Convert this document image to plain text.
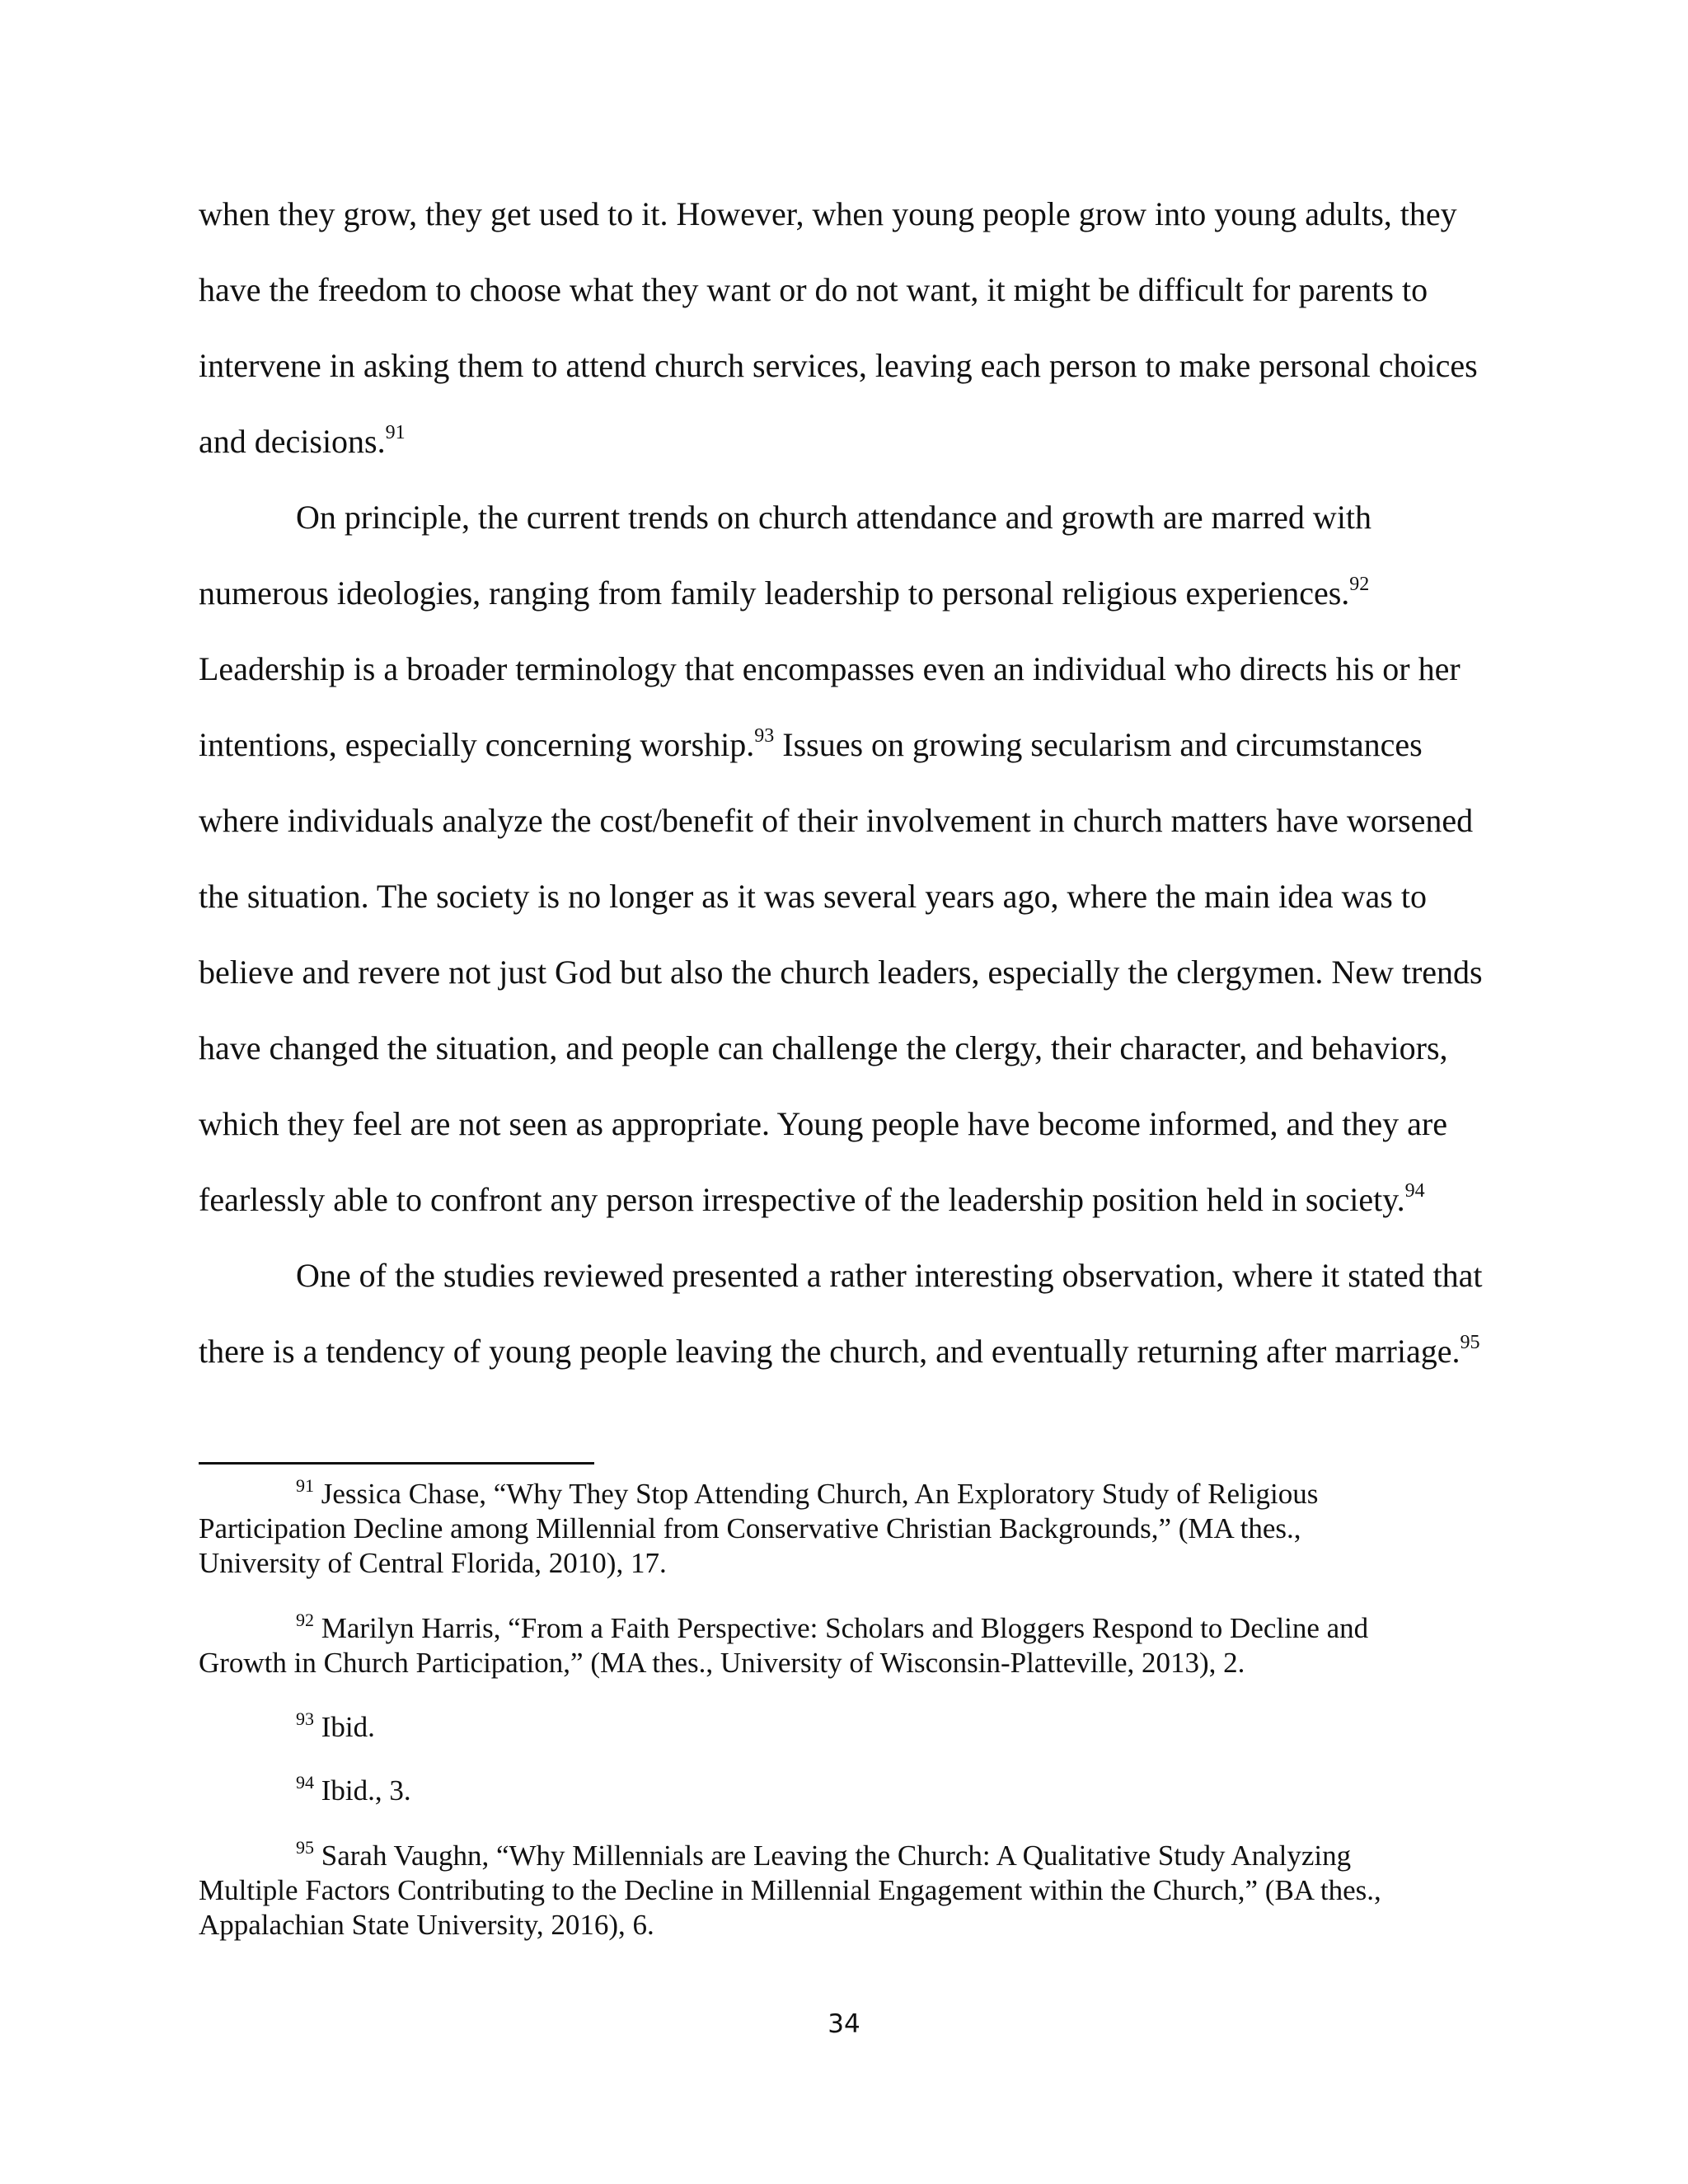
when they grow, they get used to it. However, when young people grow into young adults, they
have the freedom to choose what they want or do not want, it might be difficult for parents to
intervene in asking them to attend church services, leaving each person to make personal choices
and decisions.$^{91}$
On principle, the current trends on church attendance and growth are marred with
numerous ideologies, ranging from family leadership to personal religious experiences.$^{92}$
Leadership is a broader terminology that encompasses even an individual who directs his or her
intentions, especially concerning worship.$^{93}$ Issues on growing secularism and circumstances
where individuals analyze the cost/benefit of their involvement in church matters have worsened
the situation. The society is no longer as it was several years ago, where the main idea was to
believe and revere not just God but also the church leaders, especially the clergymen. New trends
have changed the situation, and people can challenge the clergy, their character, and behaviors,
which they feel are not seen as appropriate. Young people have become informed, and they are
fearlessly able to confront any person irrespective of the leadership position held in society.$^{94}$
One of the studies reviewed presented a rather interesting observation, where it stated that
there is a tendency of young people leaving the church, and eventually returning after marriage.$^{95}$
$^{91}$ Jessica Chase, “Why They Stop Attending Church, An Exploratory Study of Religious
Participation Decline among Millennial from Conservative Christian Backgrounds,” (MA thes.,
University of Central Florida, 2010), 17.
$^{92}$ Marilyn Harris, “From a Faith Perspective: Scholars and Bloggers Respond to Decline and
Growth in Church Participation,” (MA thes., University of Wisconsin-Platteville, 2013), 2.
$^{93}$ Ibid.
$^{94}$ Ibid., 3.
$^{95}$ Sarah Vaughn, “Why Millennials are Leaving the Church: A Qualitative Study Analyzing
Multiple Factors Contributing to the Decline in Millennial Engagement within the Church,” (BA thes.,
Appalachian State University, 2016), 6.
34
